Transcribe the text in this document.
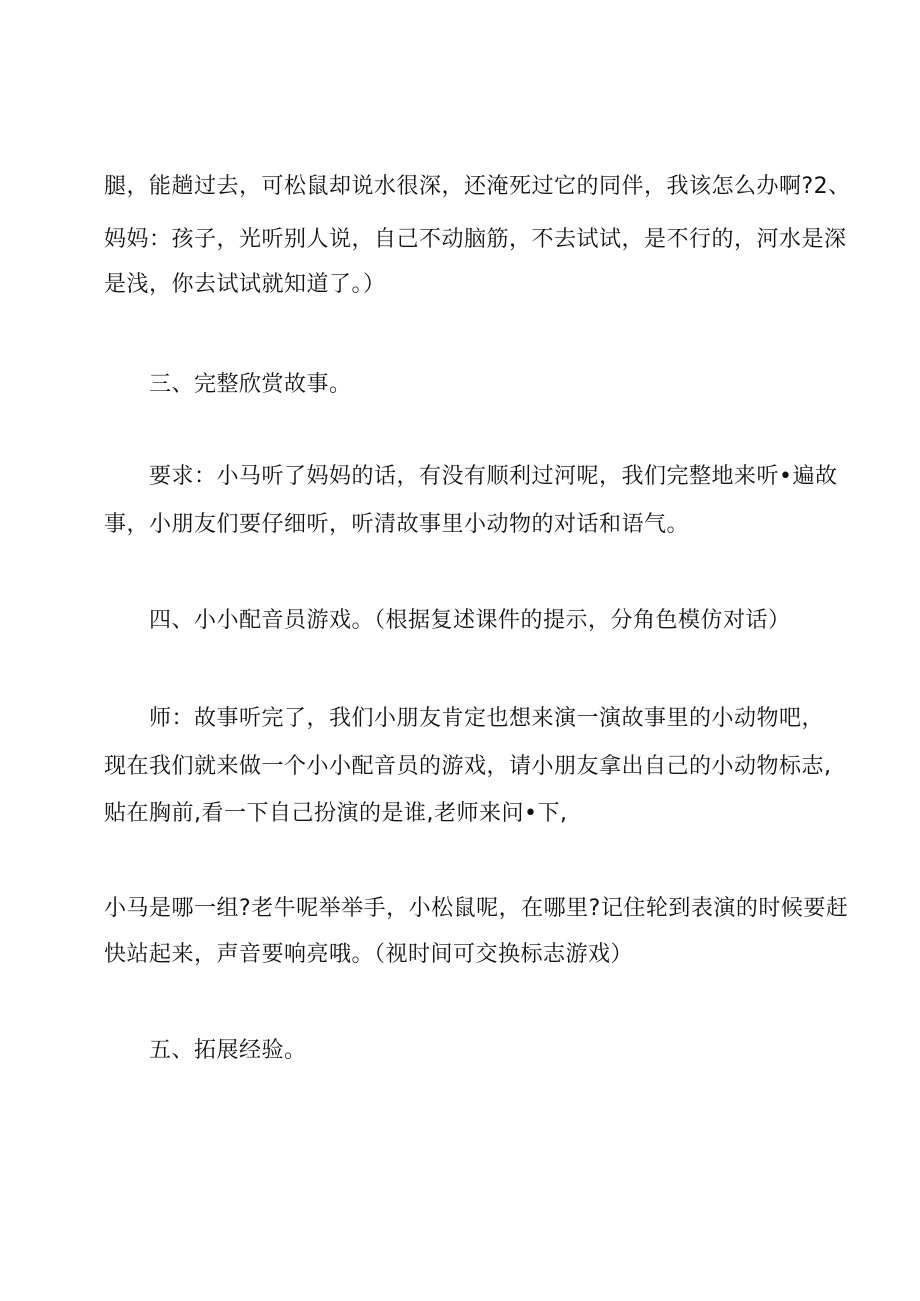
腿，能趟过去，可松鼠却说水很深，还淹死过它的同伴，我该怎么办啊?2、
妈妈：孩子，光听别人说，自己不动脑筋，不去试试，是不行的，河水是深
是浅，你去试试就知道了。）
三、完整欣赏故事。
要求：小马听了妈妈的话，有没有顺利过河呢，我们完整地来听•遍故
事，小朋友们要仔细听，听清故事里小动物的对话和语气。
四、小小配音员游戏。（根据复述课件的提示，分角色模仿对话）
师：故事听完了，我们小朋友肯定也想来演一演故事里的小动物吧，
现在我们就来做一个小小配音员的游戏，请小朋友拿出自己的小动物标志,
贴在胸前,看一下自己扮演的是谁,老师来问•下,
小马是哪一组?老牛呢举举手，小松鼠呢，在哪里?记住轮到表演的时候要赶
快站起来，声音要响亮哦。（视时间可交换标志游戏）
五、拓展经验。
